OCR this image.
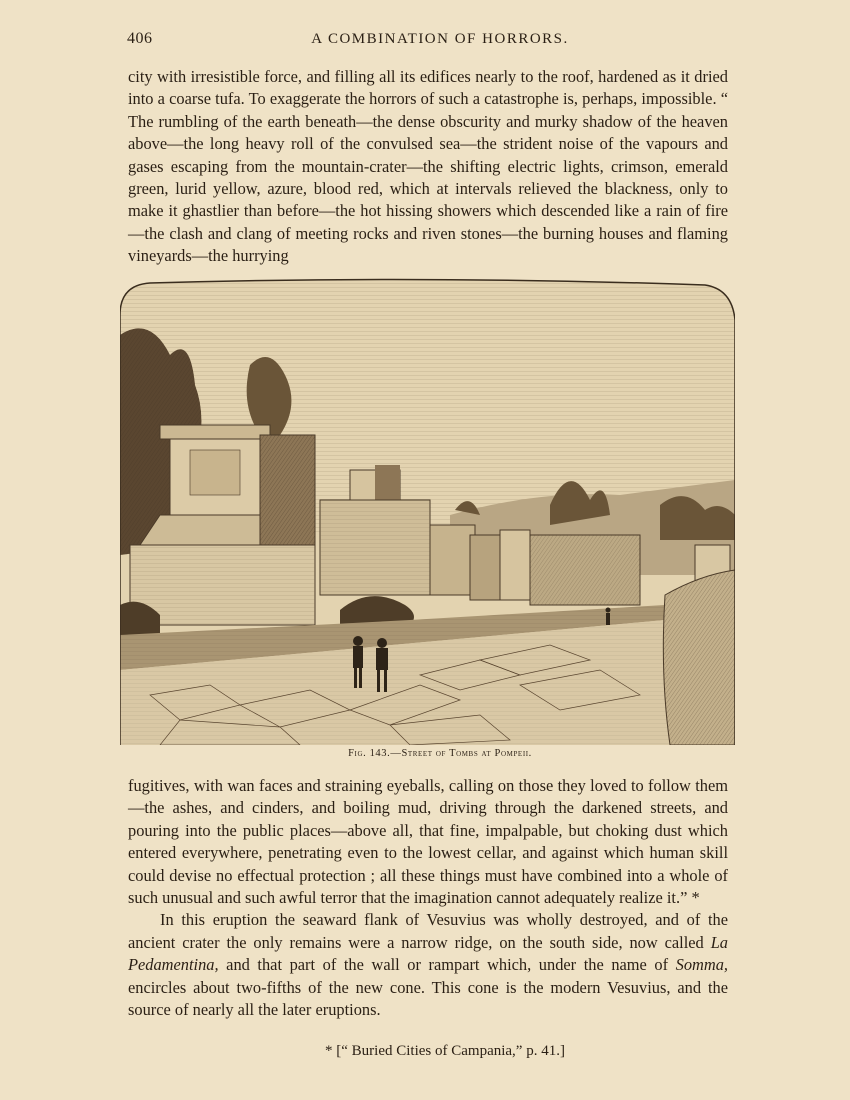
406	A COMBINATION OF HORRORS.

city with irresistible force, and filling all its edifices nearly to the roof, hardened as it dried into a coarse tufa. To exaggerate the horrors of such a catastrophe is, perhaps, impossible. “ The rumbling of the earth beneath—the dense obscurity and murky shadow of the heaven above—the long heavy roll of the convulsed sea—the strident noise of the vapours and gases escaping from the mountain-crater—the shifting electric lights, crimson, emerald green, lurid yellow, azure, blood red, which at intervals relieved the blackness, only to make it ghastlier than before—the hot hissing showers which descended like a rain of fire—the clash and clang of meeting rocks and riven stones—the burning houses and flaming vineyards—the hurrying

Fig. 143.—Street of Tombs at Pompeii.

fugitives, with wan faces and straining eyeballs, calling on those they loved to follow them—the ashes, and cinders, and boiling mud, driving through the darkened streets, and pouring into the public places—above all, that fine, impalpable, but choking dust which entered everywhere, penetrating even to the lowest cellar, and against which human skill could devise no effectual protection ; all these things must have combined into a whole of such unusual and such awful terror that the imagination cannot adequately realize it.” *

In this eruption the seaward flank of Vesuvius was wholly destroyed, and of the ancient crater the only remains were a narrow ridge, on the south side, now called La Pedamentina, and that part of the wall or rampart which, under the name of Somma, encircles about two-fifths of the new cone. This cone is the modern Vesuvius, and the source of nearly all the later eruptions.

* [“ Buried Cities of Campania,” p. 41.]
